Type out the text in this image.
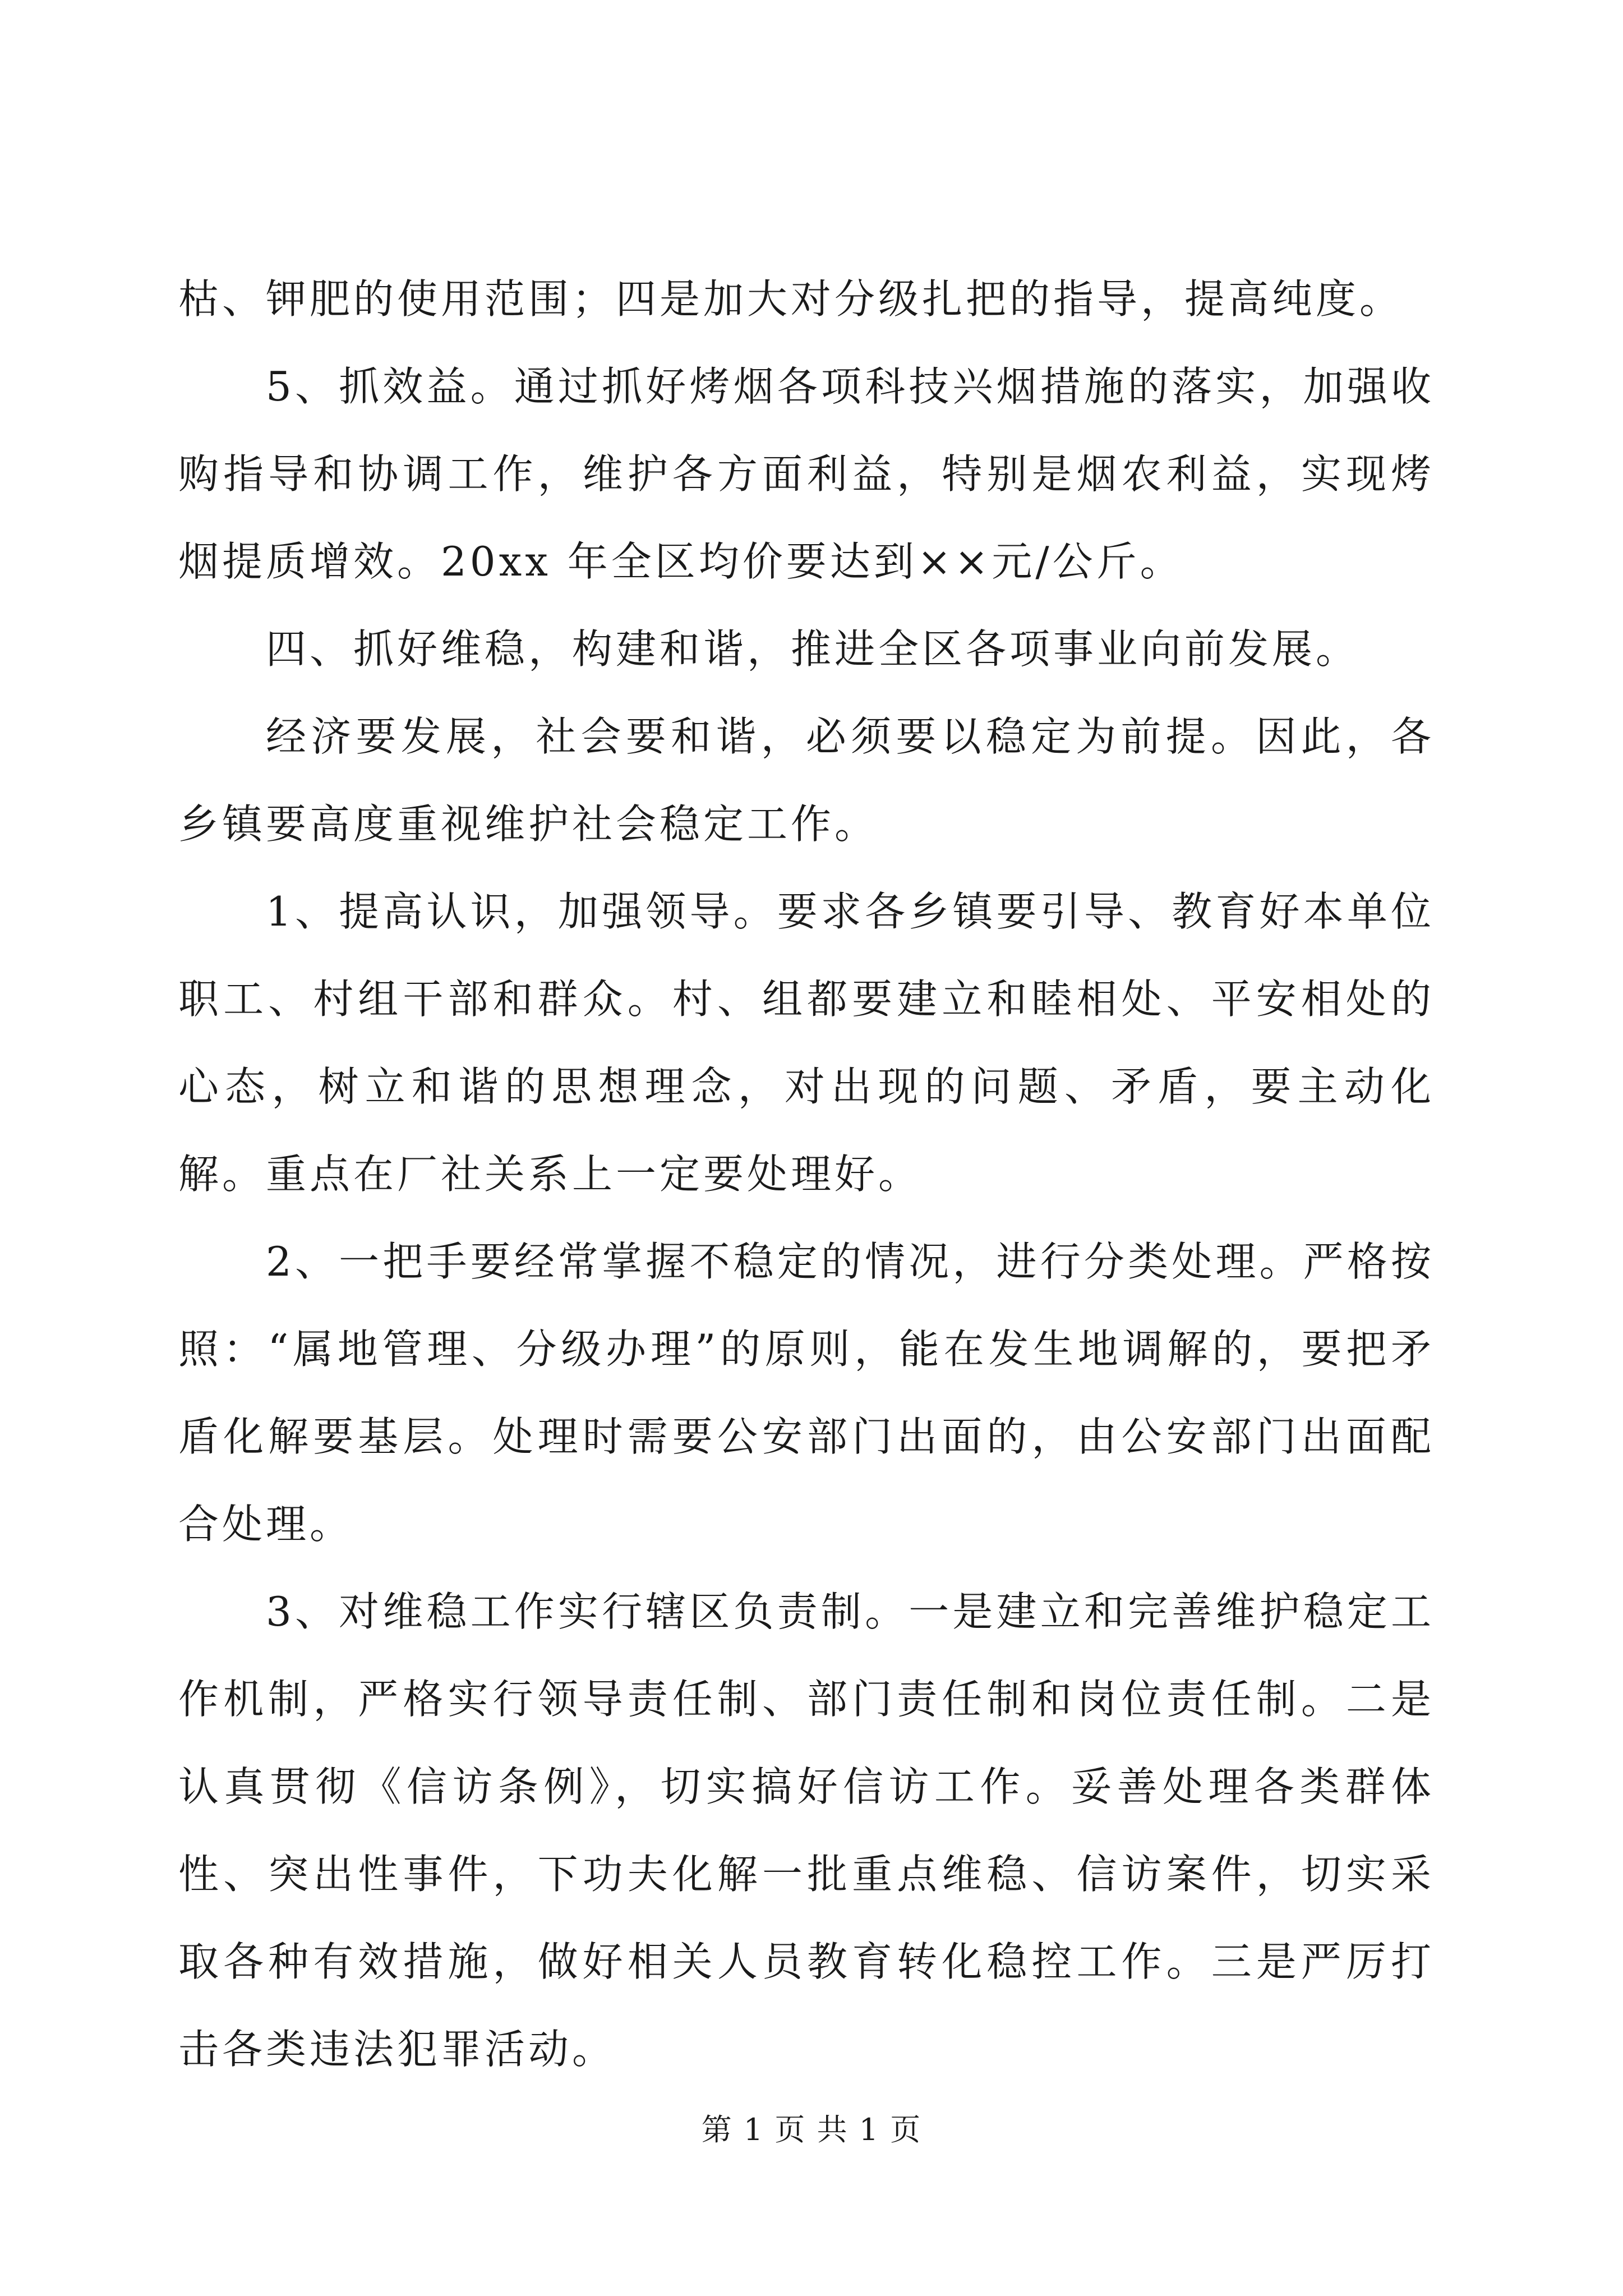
枯、钾肥的使用范围；四是加大对分级扎把的指导，提高纯度。

5、抓效益。通过抓好烤烟各项科技兴烟措施的落实，加强收购指导和协调工作，维护各方面利益，特别是烟农利益，实现烤烟提质增效。20xx 年全区均价要达到××元/公斤。

四、抓好维稳，构建和谐，推进全区各项事业向前发展。

经济要发展，社会要和谐，必须要以稳定为前提。因此，各乡镇要高度重视维护社会稳定工作。

1、提高认识，加强领导。要求各乡镇要引导、教育好本单位职工、村组干部和群众。村、组都要建立和睦相处、平安相处的心态，树立和谐的思想理念，对出现的问题、矛盾，要主动化解。重点在厂社关系上一定要处理好。

2、一把手要经常掌握不稳定的情况，进行分类处理。严格按照：“属地管理、分级办理”的原则，能在发生地调解的，要把矛盾化解要基层。处理时需要公安部门出面的，由公安部门出面配合处理。

3、对维稳工作实行辖区负责制。一是建立和完善维护稳定工作机制，严格实行领导责任制、部门责任制和岗位责任制。二是认真贯彻《信访条例》，切实搞好信访工作。妥善处理各类群体性、突出性事件，下功夫化解一批重点维稳、信访案件，切实采取各种有效措施，做好相关人员教育转化稳控工作。三是严厉打击各类违法犯罪活动。

第 1 页 共 1 页
